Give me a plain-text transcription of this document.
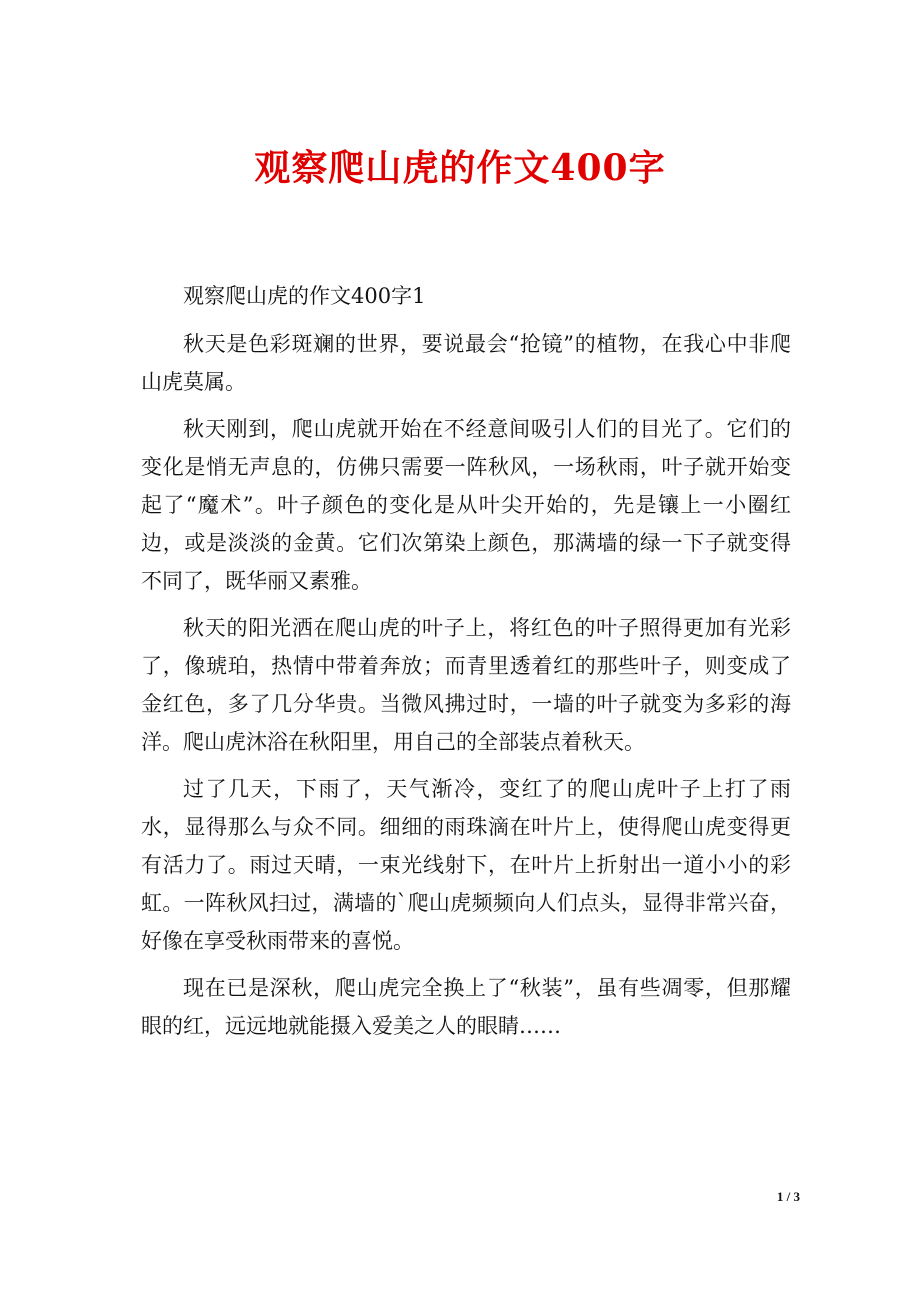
观察爬山虎的作文400字

观察爬山虎的作文400字1

秋天是色彩斑斓的世界，要说最会“抢镜”的植物，在我心中非爬山虎莫属。

秋天刚到，爬山虎就开始在不经意间吸引人们的目光了。它们的变化是悄无声息的，仿佛只需要一阵秋风，一场秋雨，叶子就开始变起了“魔术”。叶子颜色的变化是从叶尖开始的，先是镶上一小圈红边，或是淡淡的金黄。它们次第染上颜色，那满墙的绿一下子就变得不同了，既华丽又素雅。

秋天的阳光洒在爬山虎的叶子上，将红色的叶子照得更加有光彩了，像琥珀，热情中带着奔放；而青里透着红的那些叶子，则变成了金红色，多了几分华贵。当微风拂过时，一墙的叶子就变为多彩的海洋。爬山虎沐浴在秋阳里，用自己的全部装点着秋天。

过了几天，下雨了，天气渐冷，变红了的爬山虎叶子上打了雨水，显得那么与众不同。细细的雨珠滴在叶片上，使得爬山虎变得更有活力了。雨过天晴，一束光线射下，在叶片上折射出一道小小的彩虹。一阵秋风扫过，满墙的`爬山虎频频向人们点头，显得非常兴奋，好像在享受秋雨带来的喜悦。

现在已是深秋，爬山虎完全换上了“秋装”，虽有些凋零，但那耀眼的红，远远地就能摄入爱美之人的眼睛……

1 / 3
